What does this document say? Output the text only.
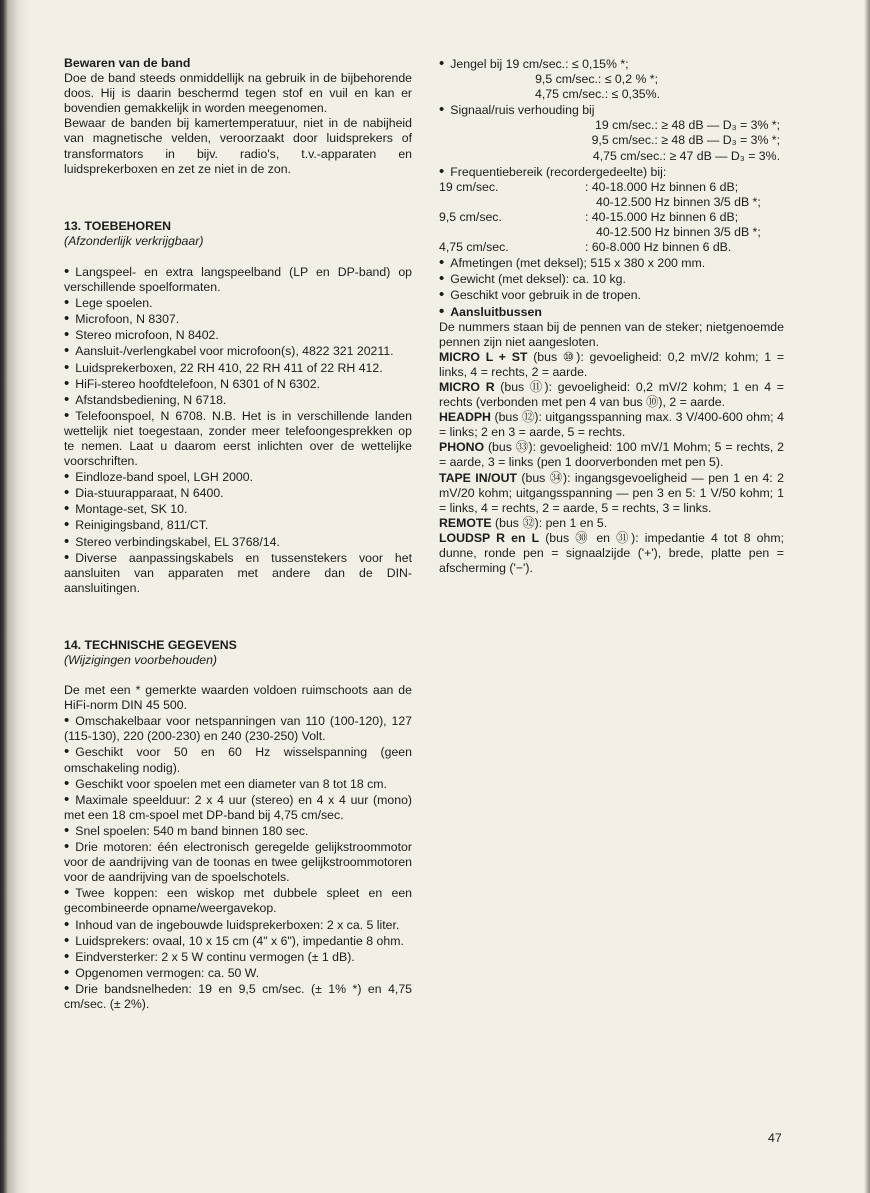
Bewaren van de band

Doe de band steeds onmiddellijk na gebruik in de bijbehorende doos. Hij is daarin beschermd tegen stof en vuil en kan er bovendien gemakkelijk in worden meegenomen.

Bewaar de banden bij kamertemperatuur, niet in de nabijheid van magnetische velden, veroorzaakt door luidsprekers of transformators in bijv. radio's, t.v.-apparaten en luidsprekerboxen en zet ze niet in de zon.

13. TOEBEHOREN

(Afzonderlijk verkrijgbaar)

• Langspeel- en extra langspeelband (LP en DP-band) op verschillende spoelformaten.

• Lege spoelen.

• Microfoon, N 8307.

• Stereo microfoon, N 8402.

• Aansluit-/verlengkabel voor microfoon(s), 4822 321 20211.

• Luidsprekerboxen, 22 RH 410, 22 RH 411 of 22 RH 412.

• HiFi-stereo hoofdtelefoon, N 6301 of N 6302.

• Afstandsbediening, N 6718.

• Telefoonspoel, N 6708. N.B. Het is in verschillende landen wettelijk niet toegestaan, zonder meer telefoongesprekken op te nemen. Laat u daarom eerst inlichten over de wettelijke voorschriften.

• Eindloze-band spoel, LGH 2000.

• Dia-stuurapparaat, N 6400.

• Montage-set, SK 10.

• Reinigingsband, 811/CT.

• Stereo verbindingskabel, EL 3768/14.

• Diverse aanpassingskabels en tussenstekers voor het aansluiten van apparaten met andere dan de DIN-aansluitingen.

14. TECHNISCHE GEGEVENS

(Wijzigingen voorbehouden)

De met een * gemerkte waarden voldoen ruimschoots aan de HiFi-norm DIN 45 500.

• Omschakelbaar voor netspanningen van 110 (100-120), 127 (115-130), 220 (200-230) en 240 (230-250) Volt.

• Geschikt voor 50 en 60 Hz wisselspanning (geen omschakeling nodig).

• Geschikt voor spoelen met een diameter van 8 tot 18 cm.

• Maximale speelduur: 2 x 4 uur (stereo) en 4 x 4 uur (mono) met een 18 cm-spoel met DP-band bij 4,75 cm/sec.

• Snel spoelen: 540 m band binnen 180 sec.

• Drie motoren: één electronisch geregelde gelijkstroommotor voor de aandrijving van de toonas en twee gelijkstroommotoren voor de aandrijving van de spoelschotels.

• Twee koppen: een wiskop met dubbele spleet en een gecombineerde opname/weergavekop.

• Inhoud van de ingebouwde luidsprekerboxen: 2 x ca. 5 liter.

• Luidsprekers: ovaal, 10 x 15 cm (4" x 6"), impedantie 8 ohm.

• Eindversterker: 2 x 5 W continu vermogen (± 1 dB).

• Opgenomen vermogen: ca. 50 W.

• Drie bandsnelheden: 19 en 9,5 cm/sec. (± 1% *) en 4,75 cm/sec. (± 2%).

• Jengel bij 19 cm/sec.: ≤ 0,15% *;

9,5 cm/sec.: ≤ 0,2 % *;

4,75 cm/sec.: ≤ 0,35%.

• Signaal/ruis verhouding bij

19 cm/sec.: ≥ 48 dB — D₃ = 3% *;

9,5 cm/sec.: ≥ 48 dB — D₃ = 3% *;

4,75 cm/sec.: ≥ 47 dB — D₃ = 3%.

• Frequentiebereik (recordergedeelte) bij:

19 cm/sec.	: 40-18.000 Hz binnen 6 dB;

40-12.500 Hz binnen 3/5 dB *;

9,5 cm/sec.	: 40-15.000 Hz binnen 6 dB;

40-12.500 Hz binnen 3/5 dB *;

4,75 cm/sec.	: 60-8.000 Hz binnen 6 dB.

• Afmetingen (met deksel); 515 x 380 x 200 mm.

• Gewicht (met deksel): ca. 10 kg.

• Geschikt voor gebruik in de tropen.

• Aansluitbussen

De nummers staan bij de pennen van de steker; nietgenoemde pennen zijn niet aangesloten.

MICRO L + ST (bus ⑩): gevoeligheid: 0,2 mV/2 kohm; 1 = links, 4 = rechts, 2 = aarde.

MICRO R (bus ⑪): gevoeligheid: 0,2 mV/2 kohm; 1 en 4 = rechts (verbonden met pen 4 van bus ⑩), 2 = aarde.

HEADPH (bus ⑫): uitgangsspanning max. 3 V/400-600 ohm; 4 = links; 2 en 3 = aarde, 5 = rechts.

PHONO (bus ㉝): gevoeligheid: 100 mV/1 Mohm; 5 = rechts, 2 = aarde, 3 = links (pen 1 doorverbonden met pen 5).

TAPE IN/OUT (bus ㉞): ingangsgevoeligheid — pen 1 en 4: 2 mV/20 kohm; uitgangsspanning — pen 3 en 5: 1 V/50 kohm; 1 = links, 4 = rechts, 2 = aarde, 5 = rechts, 3 = links.

REMOTE (bus ㉜): pen 1 en 5.

LOUDSP R en L (bus ㉚ en ㉛): impedantie 4 tot 8 ohm; dunne, ronde pen = signaalzijde ('+'), brede, platte pen = afscherming ('−').

47
